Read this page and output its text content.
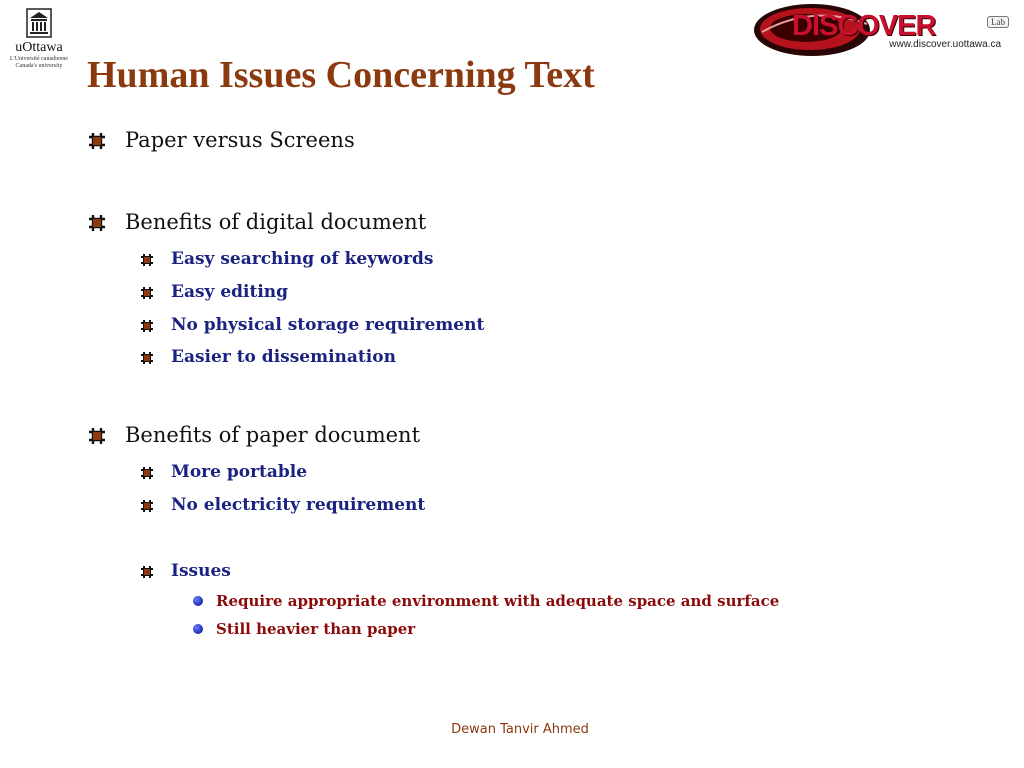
uOttawa
L'Université canadienne
Canada's university
DISCOVER	Lab
www.discover.uottawa.ca
Human Issues Concerning Text
Paper versus Screens
Benefits of digital document
Easy searching of keywords
Easy editing
No physical storage requirement
Easier to dissemination
Benefits of paper document
More portable
No electricity requirement
Issues
Require appropriate environment with adequate space and surface
Still heavier than paper
Dewan Tanvir Ahmed
